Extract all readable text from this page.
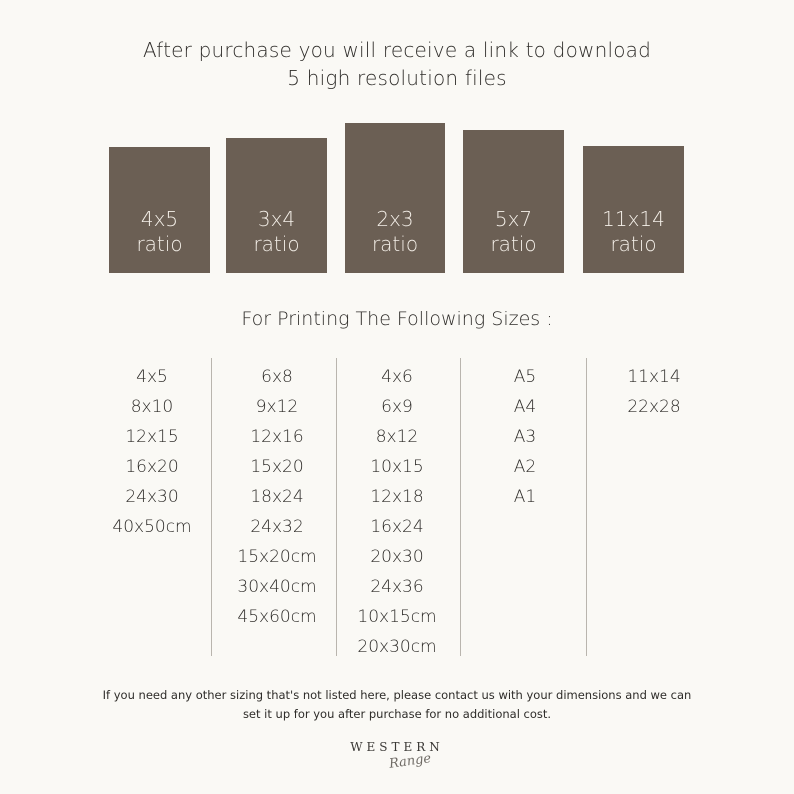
After purchase you will receive a link to download
5 high resolution files
4x5
ratio
3x4
ratio
2x3
ratio
5x7
ratio
11x14
ratio
For Printing The Following Sizes :
4x5
8x10
12x15
16x20
24x30
40x50cm
6x8
9x12
12x16
15x20
18x24
24x32
15x20cm
30x40cm
45x60cm
4x6
6x9
8x12
10x15
12x18
16x24
20x30
24x36
10x15cm
20x30cm
A5
A4
A3
A2
A1
11x14
22x28
If you need any other sizing that's not listed here, please contact us with your dimensions and we can
set it up for you after purchase for no additional cost.
WESTERN
Range
